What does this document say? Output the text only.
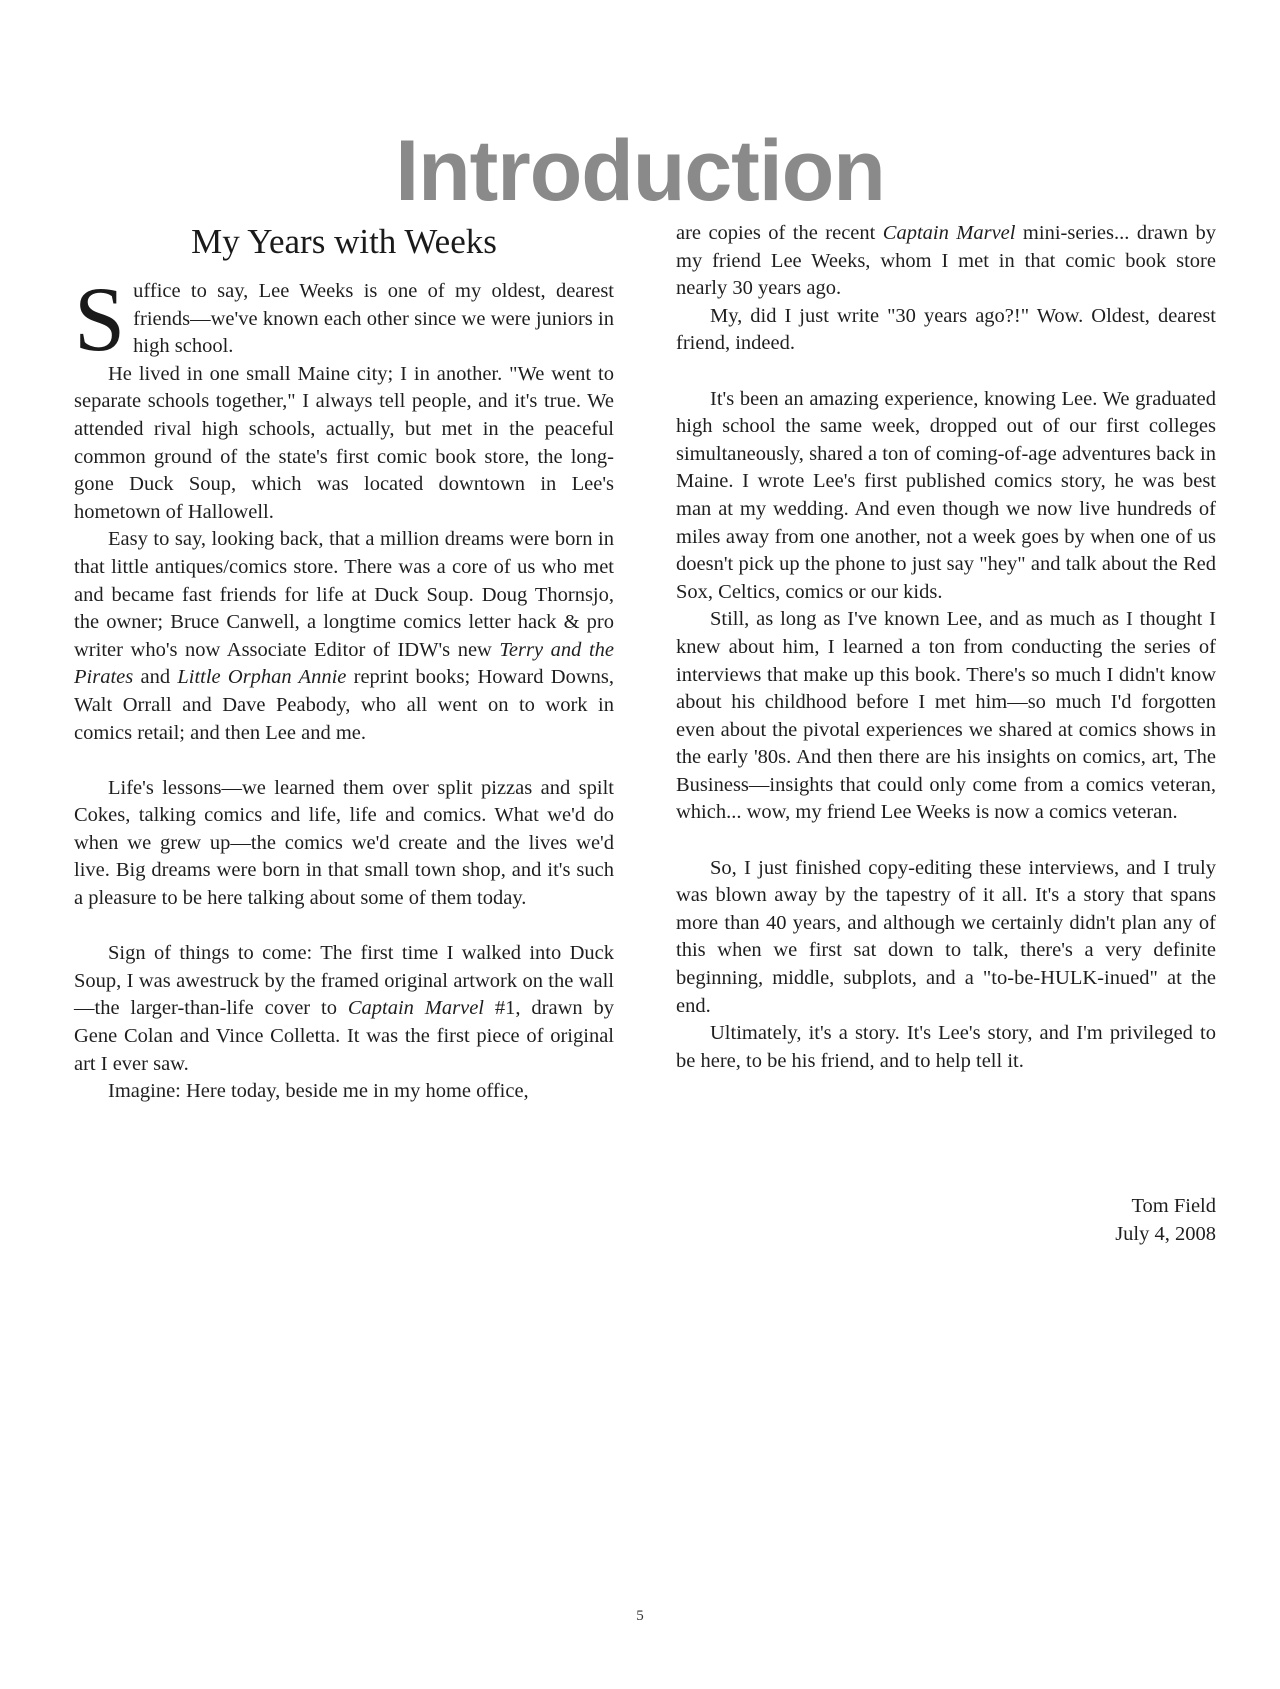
Introduction
My Years with Weeks

Suffice to say, Lee Weeks is one of my oldest, dearest friends—we've known each other since we were juniors in high school.

He lived in one small Maine city; I in another. "We went to separate schools together," I always tell people, and it's true. We attended rival high schools, actually, but met in the peaceful common ground of the state's first comic book store, the long-gone Duck Soup, which was located downtown in Lee's hometown of Hallowell.

Easy to say, looking back, that a million dreams were born in that little antiques/comics store. There was a core of us who met and became fast friends for life at Duck Soup. Doug Thornsjo, the owner; Bruce Canwell, a longtime comics letter hack & pro writer who's now Associate Editor of IDW's new Terry and the Pirates and Little Orphan Annie reprint books; Howard Downs, Walt Orrall and Dave Peabody, who all went on to work in comics retail; and then Lee and me.

Life's lessons—we learned them over split pizzas and spilt Cokes, talking comics and life, life and comics. What we'd do when we grew up—the comics we'd create and the lives we'd live. Big dreams were born in that small town shop, and it's such a pleasure to be here talking about some of them today.

Sign of things to come: The first time I walked into Duck Soup, I was awestruck by the framed original artwork on the wall—the larger-than-life cover to Captain Marvel #1, drawn by Gene Colan and Vince Colletta. It was the first piece of original art I ever saw.

Imagine: Here today, beside me in my home office,

are copies of the recent Captain Marvel mini-series... drawn by my friend Lee Weeks, whom I met in that comic book store nearly 30 years ago.

My, did I just write "30 years ago?!" Wow. Oldest, dearest friend, indeed.

It's been an amazing experience, knowing Lee. We graduated high school the same week, dropped out of our first colleges simultaneously, shared a ton of coming-of-age adventures back in Maine. I wrote Lee's first published comics story, he was best man at my wedding. And even though we now live hundreds of miles away from one another, not a week goes by when one of us doesn't pick up the phone to just say "hey" and talk about the Red Sox, Celtics, comics or our kids.

Still, as long as I've known Lee, and as much as I thought I knew about him, I learned a ton from conducting the series of interviews that make up this book. There's so much I didn't know about his childhood before I met him—so much I'd forgotten even about the pivotal experiences we shared at comics shows in the early '80s. And then there are his insights on comics, art, The Business—insights that could only come from a comics veteran, which... wow, my friend Lee Weeks is now a comics veteran.

So, I just finished copy-editing these interviews, and I truly was blown away by the tapestry of it all. It's a story that spans more than 40 years, and although we certainly didn't plan any of this when we first sat down to talk, there's a very definite beginning, middle, subplots, and a "to-be-HULK-inued" at the end.

Ultimately, it's a story. It's Lee's story, and I'm privileged to be here, to be his friend, and to help tell it.

Tom Field
July 4, 2008
5
